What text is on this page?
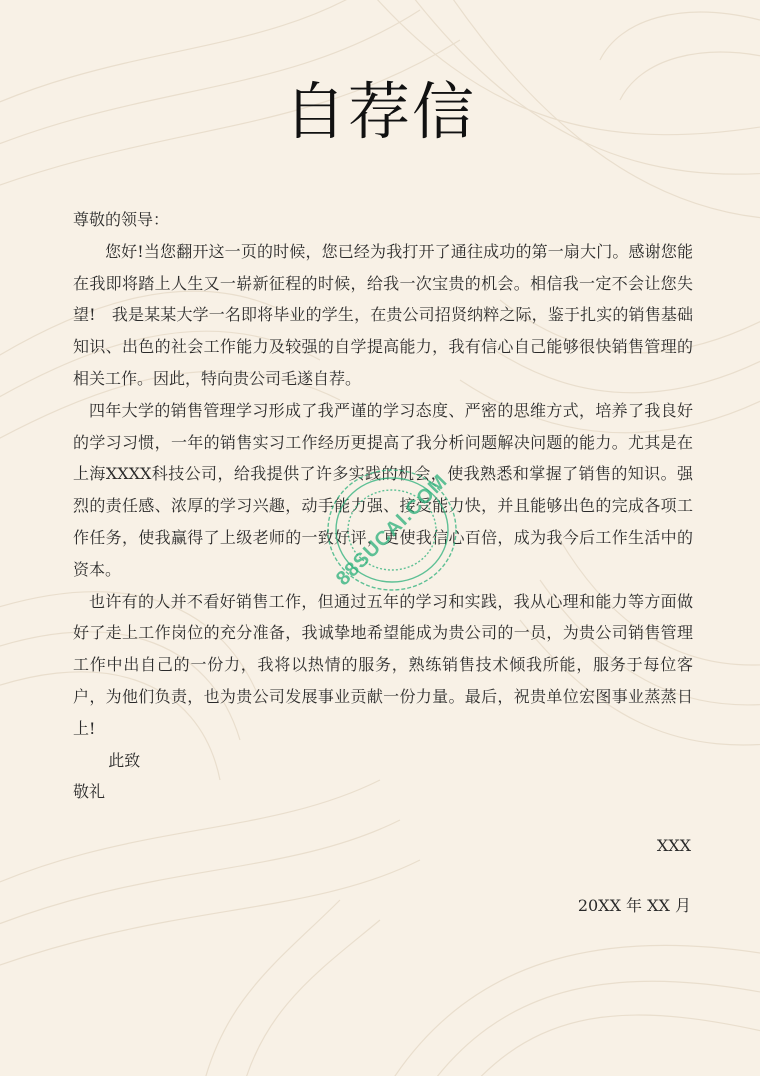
自荐信

尊敬的领导：

您好!当您翻开这一页的时候，您已经为我打开了通往成功的第一扇大门。感谢您能在我即将踏上人生又一崭新征程的时候，给我一次宝贵的机会。相信我一定不会让您失望!　我是某某大学一名即将毕业的学生，在贵公司招贤纳粹之际，鉴于扎实的销售基础知识、出色的社会工作能力及较强的自学提高能力，我有信心自己能够很快销售管理的相关工作。因此，特向贵公司毛遂自荐。

四年大学的销售管理学习形成了我严谨的学习态度、严密的思维方式，培养了我良好的学习习惯，一年的销售实习工作经历更提高了我分析问题解决问题的能力。尤其是在上海XXXX科技公司，给我提供了许多实践的机会，使我熟悉和掌握了销售的知识。强烈的责任感、浓厚的学习兴趣，动手能力强、接受能力快，并且能够出色的完成各项工作任务，使我赢得了上级老师的一致好评，更使我信心百倍，成为我今后工作生活中的资本。

也许有的人并不看好销售工作，但通过五年的学习和实践，我从心理和能力等方面做好了走上工作岗位的充分准备，我诚挚地希望能成为贵公司的一员，为贵公司销售管理工作中出自己的一份力，我将以热情的服务，熟练销售技术倾我所能，服务于每位客户，为他们负责，也为贵公司发展事业贡献一份力量。最后，祝贵单位宏图事业蒸蒸日上!

此致

敬礼

XXX
20XX 年 XX 月
88SUCAI.COM
